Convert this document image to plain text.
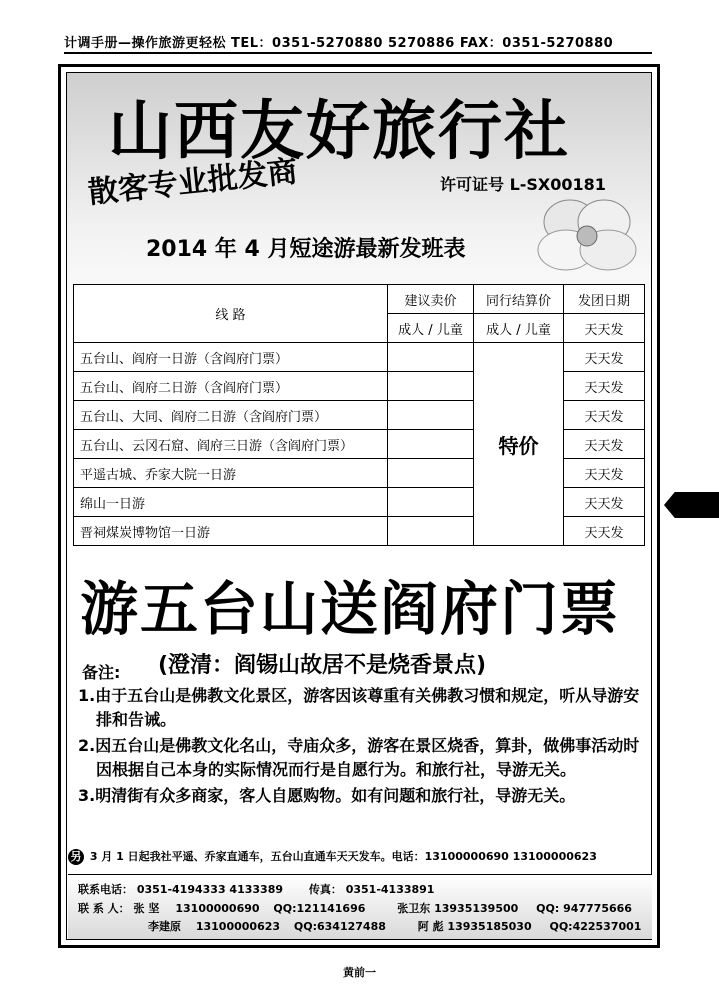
计调手册—操作旅游更轻松 TEL：0351-5270880 5270886 FAX：0351-5270880
山西友好旅行社
散客专业批发商	许可证号 L-SX00181
2014 年 4 月短途游最新发班表
线 路	建议卖价	同行结算价	发团日期
	成人 / 儿童	成人 / 儿童	天天发
五台山、阎府一日游（含阎府门票）		特价	天天发
五台山、阎府二日游（含阎府门票）			天天发
五台山、大同、阎府二日游（含阎府门票）			天天发
五台山、云冈石窟、阎府三日游（含阎府门票）			天天发
平遥古城、乔家大院一日游			天天发
绵山一日游			天天发
晋祠煤炭博物馆一日游			天天发
游五台山送阎府门票
备注: (澄清：阎锡山故居不是烧香景点)

1.由于五台山是佛教文化景区，游客因该尊重有关佛教习惯和规定，听从导游安排和告诫。

2.因五台山是佛教文化名山，寺庙众多，游客在景区烧香，算卦，做佛事活动时因根据自己本身的实际情况而行是自愿行为。和旅行社，导游无关。

3.明清街有众多商家，客人自愿购物。如有问题和旅行社，导游无关。

另 3 月 1 日起我社平遥、乔家直通车，五台山直通车天天发车。电话：13100000690 13100000623
联系电话： 0351-4194333 4133389 传真： 0351-4133891
联 系 人： 张 坚 13100000690 QQ:121141696	张卫东 13935139500 QQ: 947775666
李建原 13100000623 QQ:634127488	阿 彪 13935185030 QQ:422537001
黄前一
